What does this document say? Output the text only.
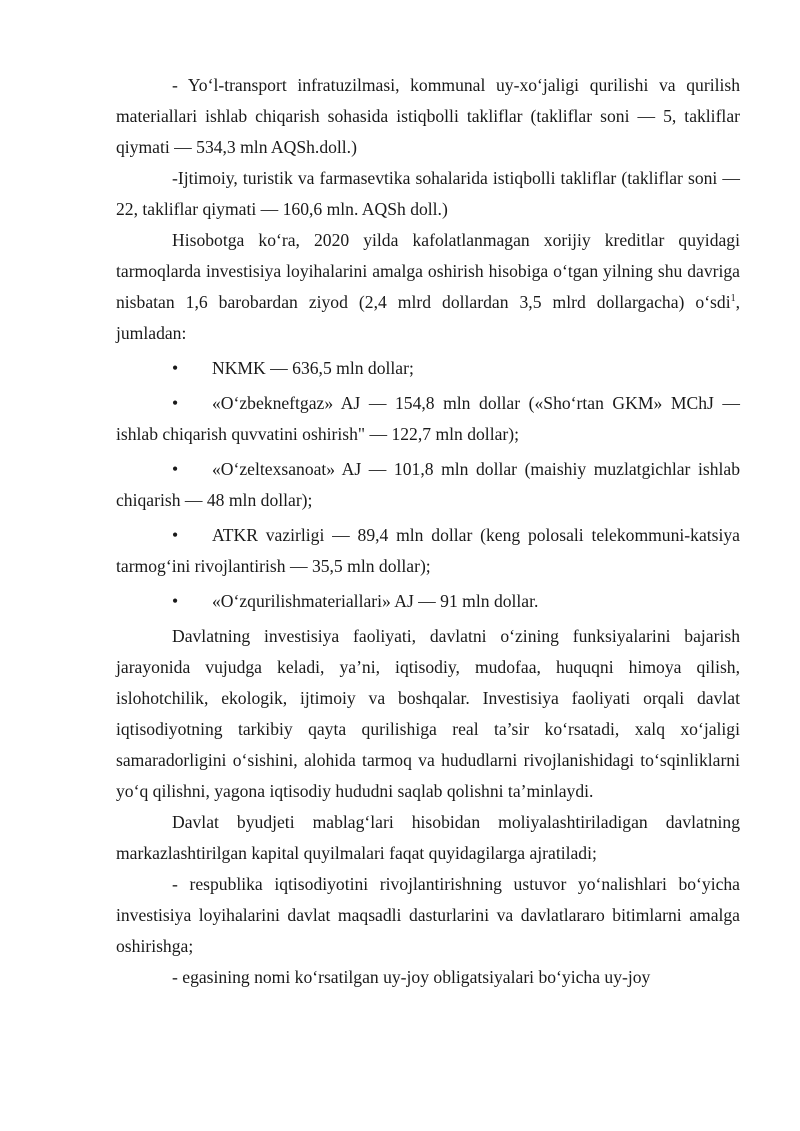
- Yo‘l-transport infratuzilmasi, kommunal uy-xo‘jaligi qurilishi va qurilish materiallari ishlab chiqarish sohasida istiqbolli takliflar (takliflar soni — 5, takliflar qiymati — 534,3 mln AQSh.doll.)

-Ijtimoiy, turistik va farmasevtika sohalarida istiqbolli takliflar (takliflar soni — 22, takliflar qiymati — 160,6 mln. AQSh doll.)

Hisobotga ko‘ra, 2020 yilda kafolatlanmagan xorijiy kreditlar quyidagi tarmoqlarda investisiya loyihalarini amalga oshirish hisobiga o‘tgan yilning shu davriga nisbatan 1,6 barobardan ziyod (2,4 mlrd dollardan 3,5 mlrd dollargacha) o‘sdi$^1$, jumladan:

• NKMK — 636,5 mln dollar;

• «O‘zbekneftgaz» AJ — 154,8 mln dollar («Sho‘rtan GKM» MChJ — ishlab chiqarish quvvatini oshirish" — 122,7 mln dollar);

• «O‘zeltexsanoat» AJ — 101,8 mln dollar (maishiy muzlatgichlar ishlab chiqarish — 48 mln dollar);

• ATKR vazirligi — 89,4 mln dollar (keng polosali telekommuni-katsiya tarmog‘ini rivojlantirish — 35,5 mln dollar);

• «O‘zqurilishmateriallari» AJ — 91 mln dollar.

Davlatning investisiya faoliyati, davlatni o‘zining funksiyalarini bajarish jarayonida vujudga keladi, ya’ni, iqtisodiy, mudofaa, huquqni himoya qilish, islohotchilik, ekologik, ijtimoiy va boshqalar. Investisiya faoliyati orqali davlat iqtisodiyotning tarkibiy qayta qurilishiga real ta’sir ko‘rsatadi, xalq xo‘jaligi samaradorligini o‘sishini, alohida tarmoq va hududlarni rivojlanishidagi to‘sqinliklarni yo‘q qilishni, yagona iqtisodiy hududni saqlab qolishni ta’minlaydi.

Davlat byudjeti mablag‘lari hisobidan moliyalashtiriladigan davlatning markazlashtirilgan kapital quyilmalari faqat quyidagilarga ajratiladi;

- respublika iqtisodiyotini rivojlantirishning ustuvor yo‘nalishlari bo‘yicha investisiya loyihalarini davlat maqsadli dasturlarini va davlatlararo bitimlarni amalga oshirishga;

- egasining nomi ko‘rsatilgan uy-joy obligatsiyalari bo‘yicha uy-joy
